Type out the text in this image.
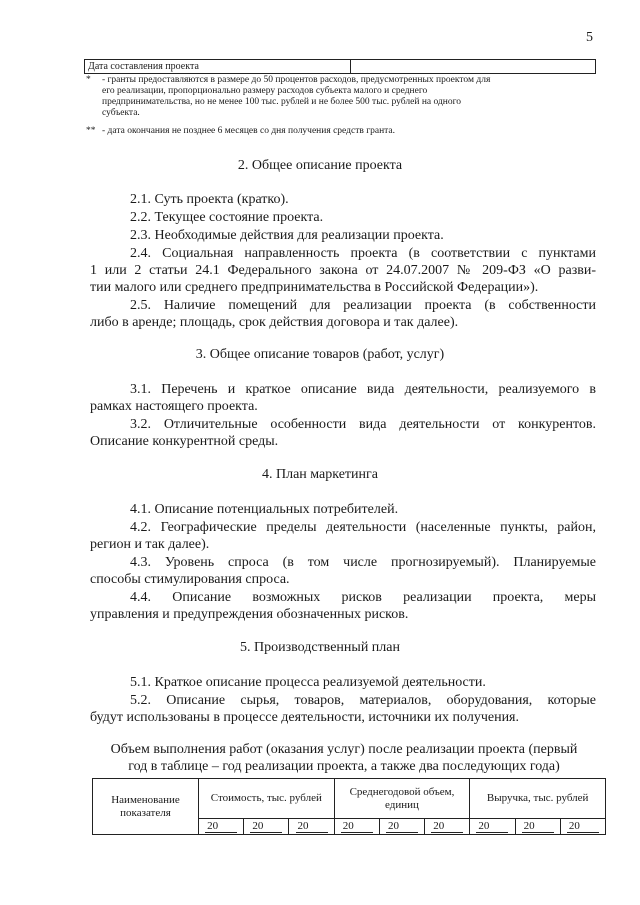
5
Дата составления проекта	
* - гранты предоставляются в размере до 50 процентов расходов, предусмотренных проектом для
его реализации, пропорционально размеру расходов субъекта малого и среднего
предпринимательства, но не менее 100 тыс. рублей и не более 500 тыс. рублей на одного
субъекта.
** - дата окончания не позднее 6 месяцев со дня получения средств гранта.
2. Общее описание проекта
2.1. Суть проекта (кратко).
2.2. Текущее состояние проекта.
2.3. Необходимые действия для реализации проекта.
2.4. Социальная направленность проекта (в соответствии с пунктами
1 или 2 статьи 24.1 Федерального закона от 24.07.2007 № 209-ФЗ «О разви-
тии малого или среднего предпринимательства в Российской Федерации»).
2.5. Наличие помещений для реализации проекта (в собственности
либо в аренде; площадь, срок действия договора и так далее).
3. Общее описание товаров (работ, услуг)
3.1. Перечень и краткое описание вида деятельности, реализуемого в
рамках настоящего проекта.
3.2. Отличительные особенности вида деятельности от конкурентов.
Описание конкурентной среды.
4. План маркетинга
4.1. Описание потенциальных потребителей.
4.2. Географические пределы деятельности (населенные пункты, район,
регион и так далее).
4.3. Уровень спроса (в том числе прогнозируемый). Планируемые
способы стимулирования спроса.
4.4. Описание возможных рисков реализации проекта, меры
управления и предупреждения обозначенных рисков.
5. Производственный план
5.1. Краткое описание процесса реализуемой деятельности.
5.2. Описание сырья, товаров, материалов, оборудования, которые
будут использованы в процессе деятельности, источники их получения.
Объем выполнения работ (оказания услуг) после реализации проекта (первый
год в таблице – год реализации проекта, а также два последующих года)
Наименование показателя	Стоимость, тыс. рублей			Среднегодовой объем, единиц			Выручка, тыс. рублей		
	20	20	20	20	20	20	20	20	20
